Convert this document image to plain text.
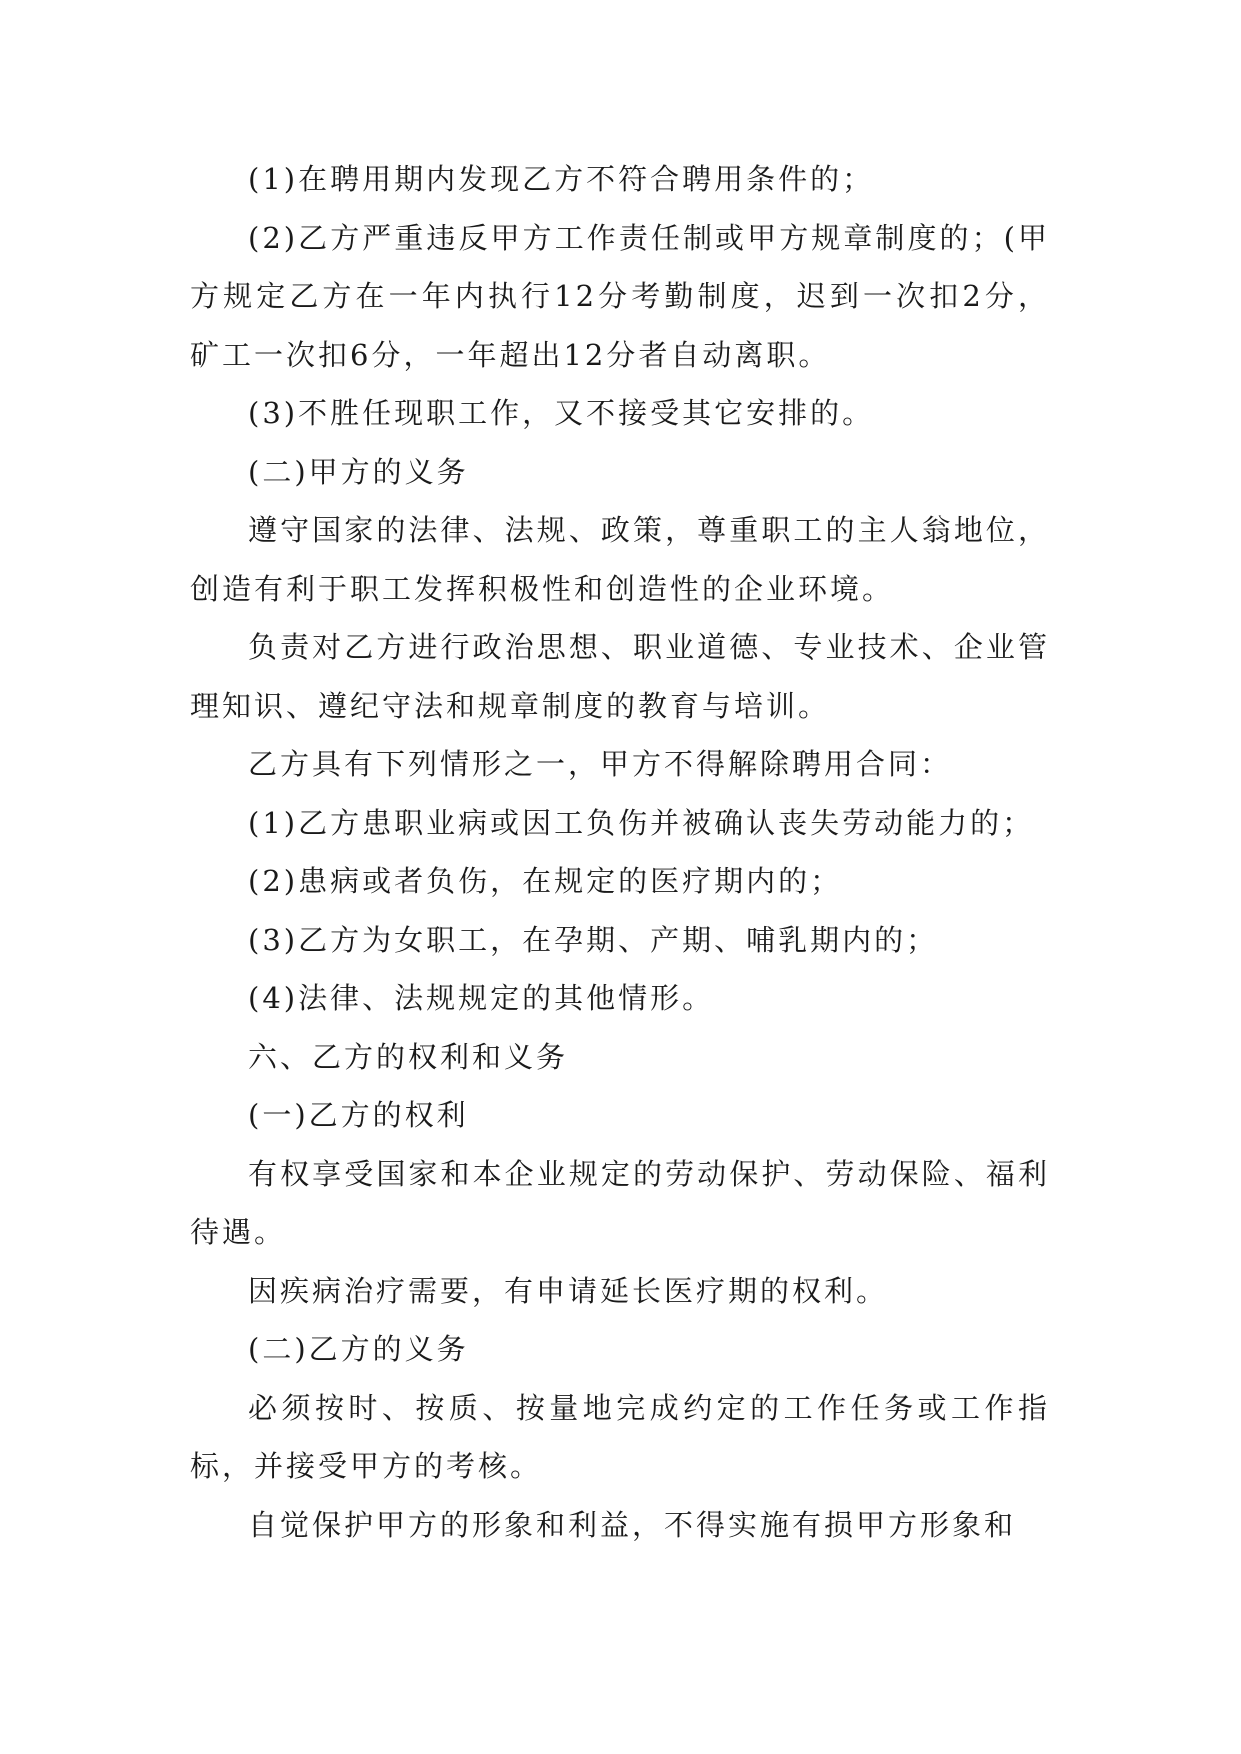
(1)在聘用期内发现乙方不符合聘用条件的；

(2)乙方严重违反甲方工作责任制或甲方规章制度的；(甲方规定乙方在一年内执行12分考勤制度，迟到一次扣2分，矿工一次扣6分，一年超出12分者自动离职。

(3)不胜任现职工作，又不接受其它安排的。

(二)甲方的义务

遵守国家的法律、法规、政策，尊重职工的主人翁地位，创造有利于职工发挥积极性和创造性的企业环境。

负责对乙方进行政治思想、职业道德、专业技术、企业管理知识、遵纪守法和规章制度的教育与培训。

乙方具有下列情形之一，甲方不得解除聘用合同：

(1)乙方患职业病或因工负伤并被确认丧失劳动能力的；

(2)患病或者负伤，在规定的医疗期内的；

(3)乙方为女职工，在孕期、产期、哺乳期内的；

(4)法律、法规规定的其他情形。

六、乙方的权利和义务

(一)乙方的权利

有权享受国家和本企业规定的劳动保护、劳动保险、福利待遇。

因疾病治疗需要，有申请延长医疗期的权利。

(二)乙方的义务

必须按时、按质、按量地完成约定的工作任务或工作指标，并接受甲方的考核。

自觉保护甲方的形象和利益，不得实施有损甲方形象和
